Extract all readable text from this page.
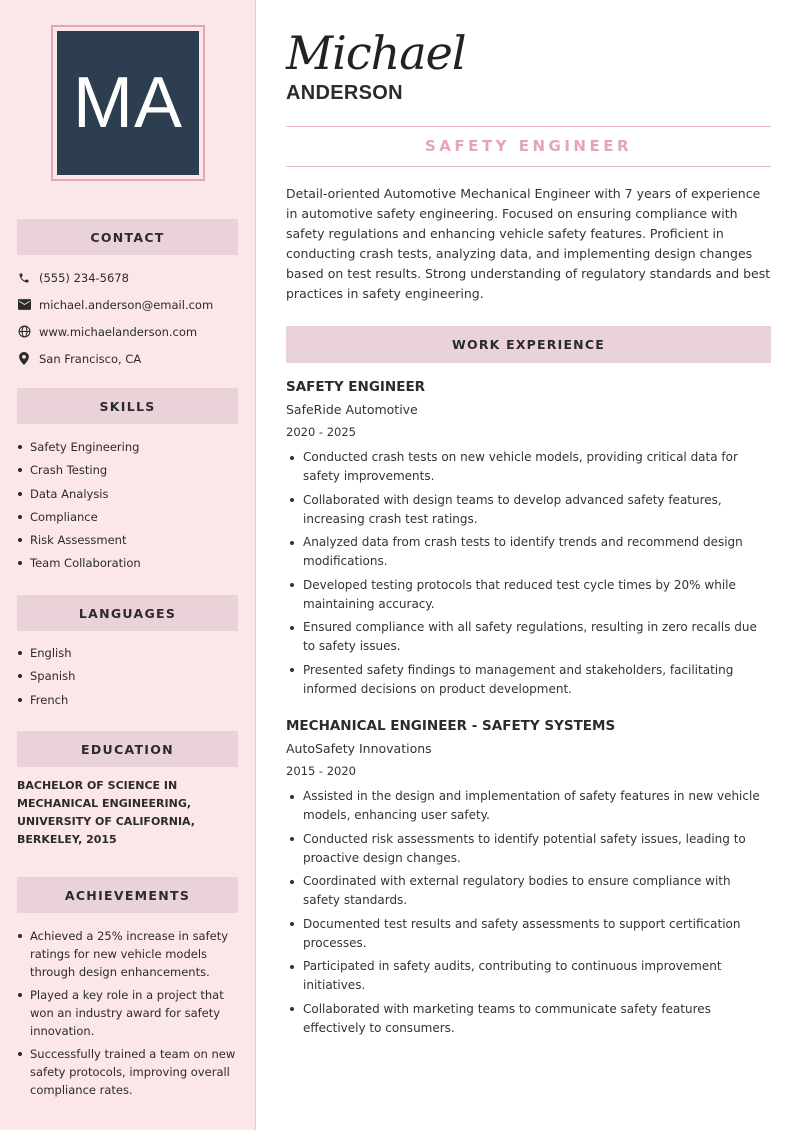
MA
CONTACT
(555) 234-5678
michael.anderson@email.com
www.michaelanderson.com
San Francisco, CA
SKILLS
Safety Engineering
Crash Testing
Data Analysis
Compliance
Risk Assessment
Team Collaboration
LANGUAGES
English
Spanish
French
EDUCATION
BACHELOR OF SCIENCE IN MECHANICAL ENGINEERING, UNIVERSITY OF CALIFORNIA, BERKELEY, 2015
ACHIEVEMENTS
Achieved a 25% increase in safety ratings for new vehicle models through design enhancements.
Played a key role in a project that won an industry award for safety innovation.
Successfully trained a team on new safety protocols, improving overall compliance rates.
Michael
ANDERSON
SAFETY ENGINEER

Detail-oriented Automotive Mechanical Engineer with 7 years of experience in automotive safety engineering. Focused on ensuring compliance with safety regulations and enhancing vehicle safety features. Proficient in conducting crash tests, analyzing data, and implementing design changes based on test results. Strong understanding of regulatory standards and best practices in safety engineering.

WORK EXPERIENCE
SAFETY ENGINEER
SafeRide Automotive
2020 - 2025
Conducted crash tests on new vehicle models, providing critical data for safety improvements.
Collaborated with design teams to develop advanced safety features, increasing crash test ratings.
Analyzed data from crash tests to identify trends and recommend design modifications.
Developed testing protocols that reduced test cycle times by 20% while maintaining accuracy.
Ensured compliance with all safety regulations, resulting in zero recalls due to safety issues.
Presented safety findings to management and stakeholders, facilitating informed decisions on product development.
MECHANICAL ENGINEER - SAFETY SYSTEMS
AutoSafety Innovations
2015 - 2020
Assisted in the design and implementation of safety features in new vehicle models, enhancing user safety.
Conducted risk assessments to identify potential safety issues, leading to proactive design changes.
Coordinated with external regulatory bodies to ensure compliance with safety standards.
Documented test results and safety assessments to support certification processes.
Participated in safety audits, contributing to continuous improvement initiatives.
Collaborated with marketing teams to communicate safety features effectively to consumers.
